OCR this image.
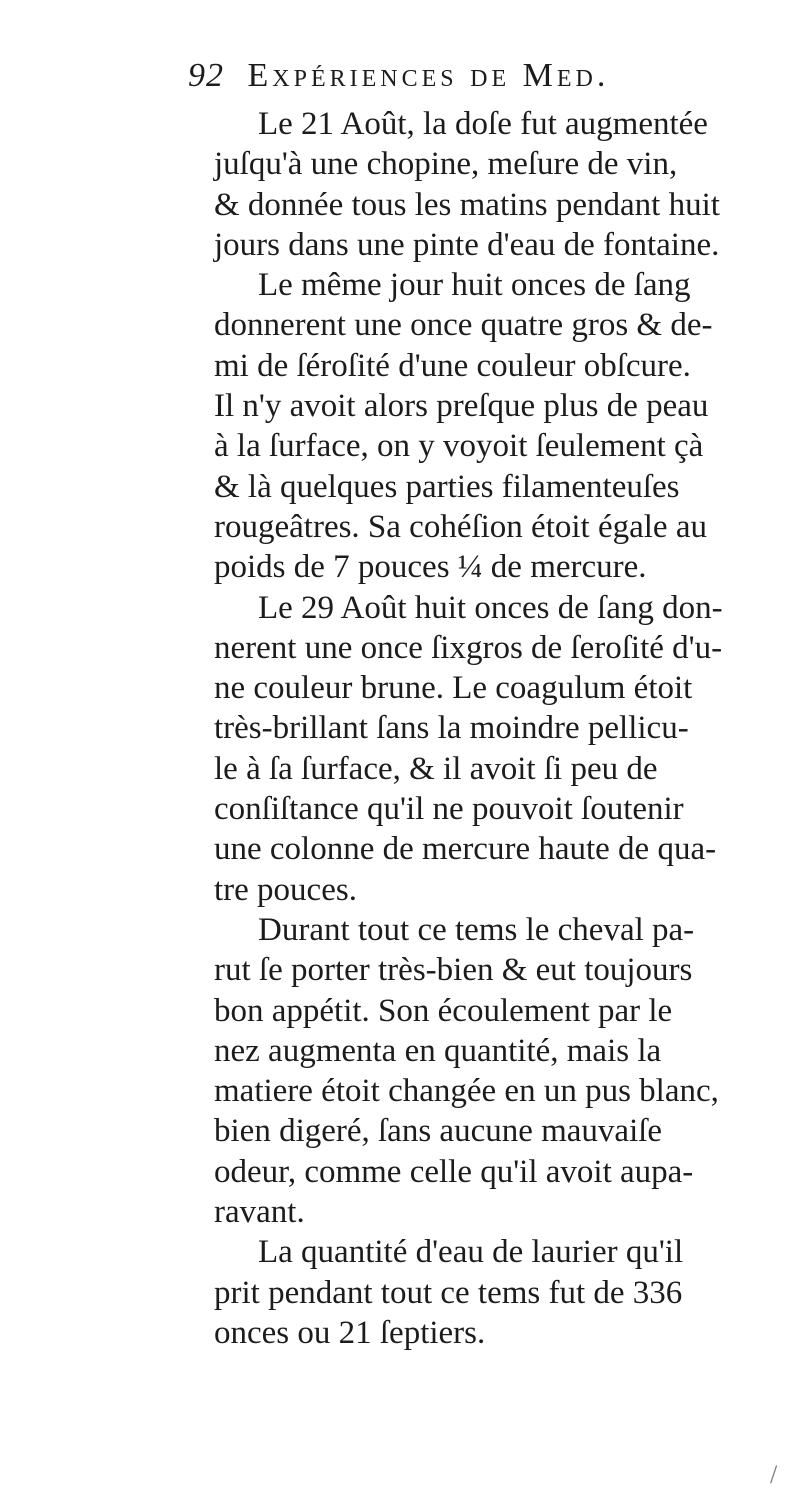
92 Expériences de Med.
Le 21 Août, la doſe fut augmentée
juſqu'à une chopine, meſure de vin,
& donnée tous les matins pendant huit
jours dans une pinte d'eau de fontaine.
Le même jour huit onces de ſang
donnerent une once quatre gros & de-
mi de ſéroſité d'une couleur obſcure.
Il n'y avoit alors preſque plus de peau
à la ſurface, on y voyoit ſeulement çà
& là quelques parties filamenteuſes
rougeâtres. Sa cohéſion étoit égale au
poids de 7 pouces ¼ de mercure.
Le 29 Août huit onces de ſang don-
nerent une once ſixgros de ſeroſité d'u-
ne couleur brune. Le coagulum étoit
très-brillant ſans la moindre pellicu-
le à ſa ſurface, & il avoit ſi peu de
conſiſtance qu'il ne pouvoit ſoutenir
une colonne de mercure haute de qua-
tre pouces.
Durant tout ce tems le cheval pa-
rut ſe porter très-bien & eut toujours
bon appétit. Son écoulement par le
nez augmenta en quantité, mais la
matiere étoit changée en un pus blanc,
bien digeré, ſans aucune mauvaiſe
odeur, comme celle qu'il avoit aupa-
ravant.
La quantité d'eau de laurier qu'il
prit pendant tout ce tems fut de 336
onces ou 21 ſeptiers.
/
